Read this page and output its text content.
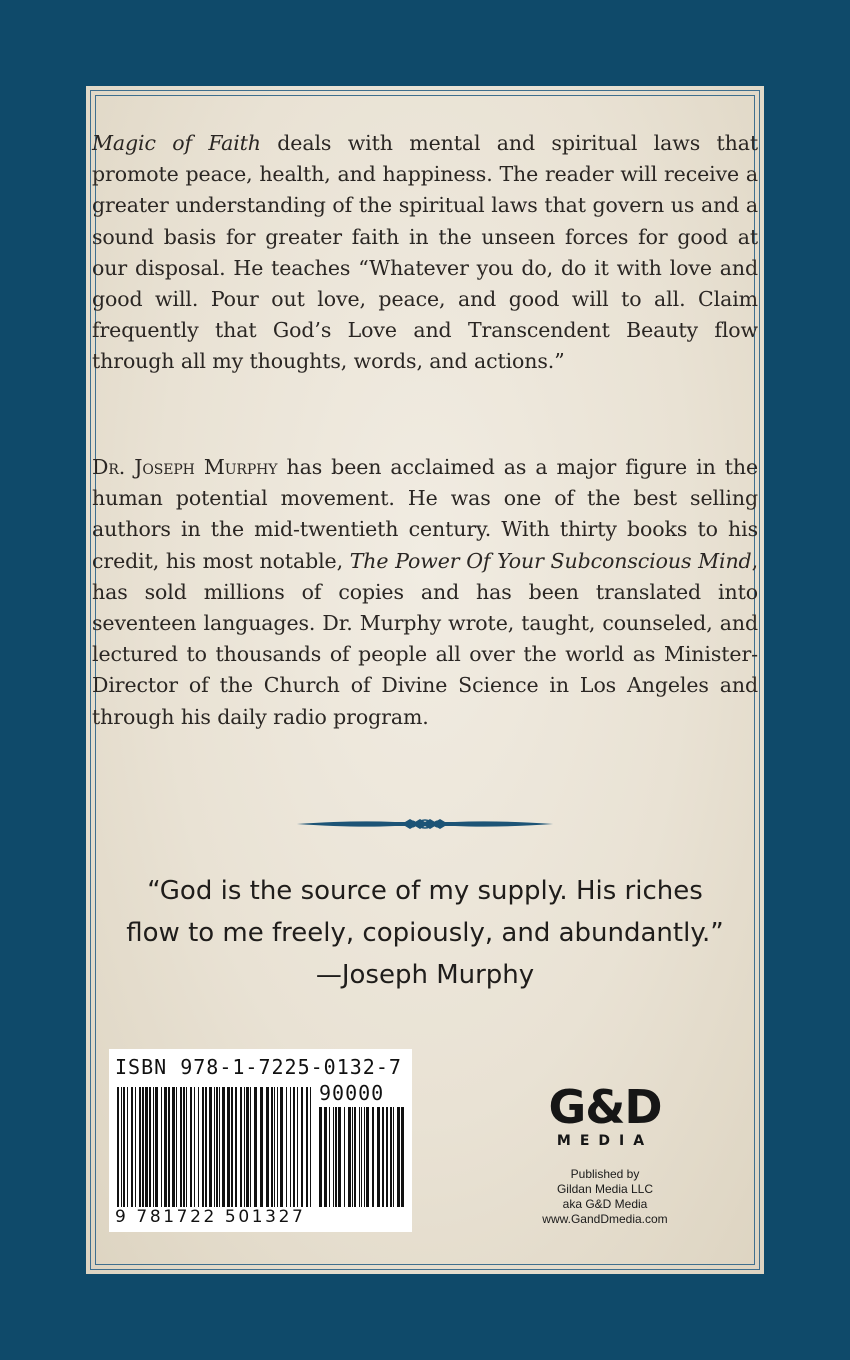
Magic of Faith deals with mental and spiritual laws that promote peace, health, and happiness. The reader will receive a greater understanding of the spiritual laws that govern us and a sound basis for greater faith in the unseen forces for good at our disposal. He teaches “Whatever you do, do it with love and good will. Pour out love, peace, and good will to all. Claim frequently that God’s Love and Transcendent Beauty flow through all my thoughts, words, and actions.”

Dr. Joseph Murphy has been acclaimed as a major figure in the human potential movement. He was one of the best selling authors in the mid-twentieth century. With thirty books to his credit, his most notable, The Power Of Your Subconscious Mind, has sold millions of copies and has been translated into seventeen languages. Dr. Murphy wrote, taught, counseled, and lectured to thousands of people all over the world as Minister-Director of the Church of Divine Science in Los Angeles and through his daily radio program.

“God is the source of my supply. His riches

flow to me freely, copiously, and abundantly.”

—Joseph Murphy

ISBN 978-1-7225-0132-7
90000
9 781722 501327
G&D
MEDIA
Published by
Gildan Media LLC
aka G&D Media
www.GandDmedia.com
